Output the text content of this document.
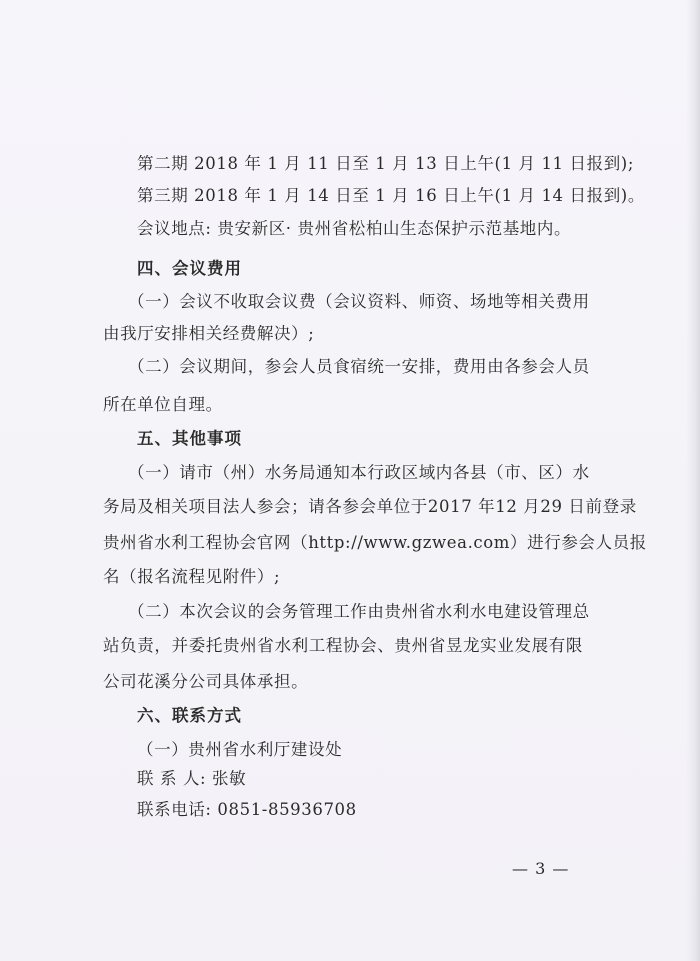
第二期 2018 年 1 月 11 日至 1 月 13 日上午(1 月 11 日报到);
第三期 2018 年 1 月 14 日至 1 月 16 日上午(1 月 14 日报到)。
会议地点: 贵安新区· 贵州省松柏山生态保护示范基地内。
四、会议费用
（一）会议不收取会议费（会议资料、师资、场地等相关费用
由我厅安排相关经费解决）;
（二）会议期间，参会人员食宿统一安排，费用由各参会人员
所在单位自理。
五、其他事项
（一）请市（州）水务局通知本行政区域内各县（市、区）水
务局及相关项目法人参会；请各参会单位于2017 年12 月29 日前登录
贵州省水利工程协会官网（http://www.gzwea.com）进行参会人员报
名（报名流程见附件）;
（二）本次会议的会务管理工作由贵州省水利水电建设管理总
站负责，并委托贵州省水利工程协会、贵州省昱龙实业发展有限
公司花溪分公司具体承担。
六、联系方式
（一）贵州省水利厅建设处
联 系 人: 张敏
联系电话: 0851-85936708
— 3 —
